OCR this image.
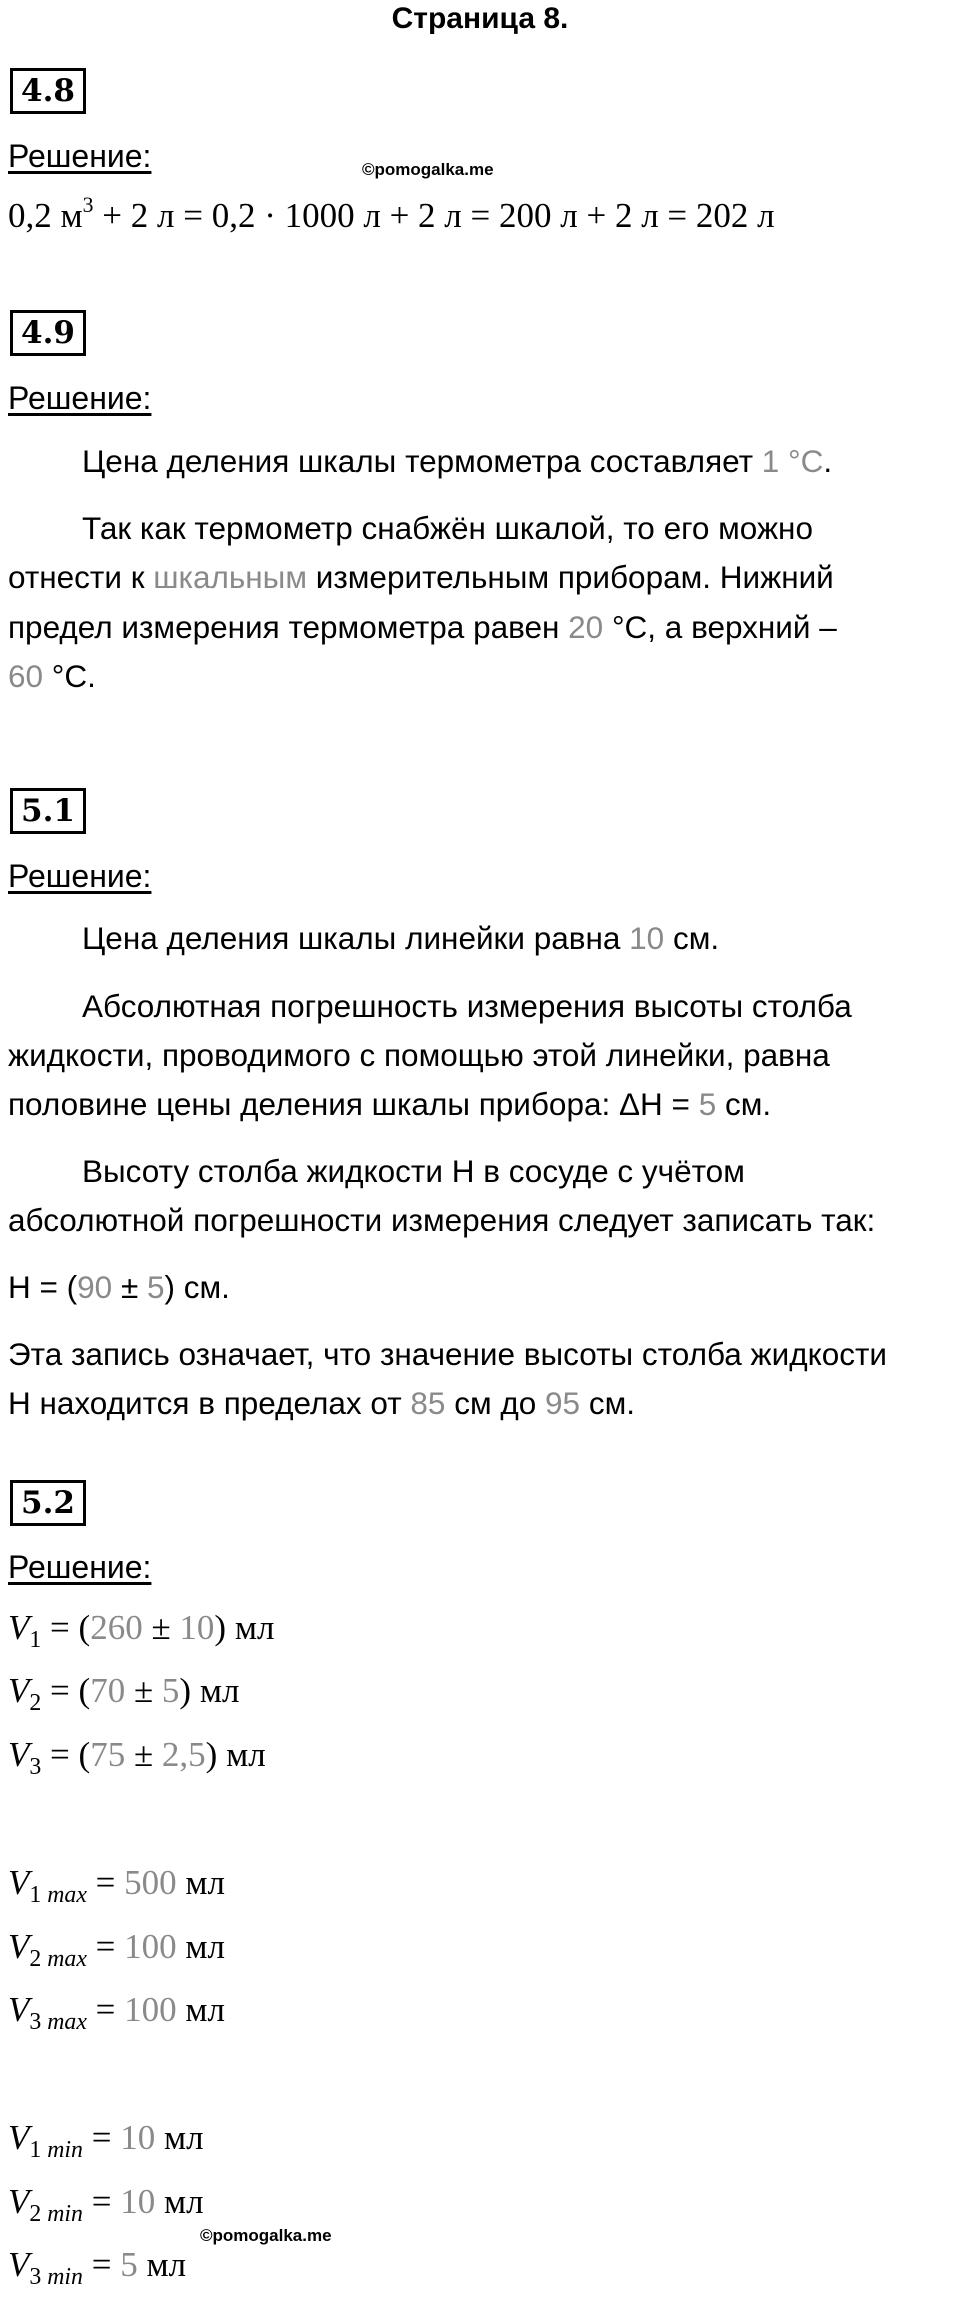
Страница 8.
4.8
Решение:	©pomogalka.me
0,2 $м^3 + 2$ л = 0,2 · 1000 л + 2 л = 200 л + 2 л = 202 л
4.9
Решение:
Цена деления шкалы термометра составляет 1 °C.
Так как термометр снабжён шкалой, то его можно
отнести к шкальным измерительным приборам. Нижний
предел измерения термометра равен 20 °C, а верхний –
60 °C.
5.1
Решение:
Цена деления шкалы линейки равна 10 см.
Абсолютная погрешность измерения высоты столба
жидкости, проводимого с помощью этой линейки, равна
половине цены деления шкалы прибора: ΔH = 5 см.
Высоту столба жидкости H в сосуде с учётом
абсолютной погрешности измерения следует записать так:
H = (90 ± 5) см.
Эта запись означает, что значение высоты столба жидкости
H находится в пределах от 85 см до 95 см.
5.2
Решение:
$V_1 = (260 \pm 10)$ мл
$V_2 = (70 \pm 5)$ мл
$V_3 = (75 \pm 2,5)$ мл
$V_1$ $_{max}$ = 500 мл
$V_2$ $_{max}$ = 100 мл
$V_3$ $_{max}$ = 100 мл
$V_1$ $_{min}$ = 10 мл
$V_2$ $_{min}$ = 10 мл
$V_3$ $_{min}$ = 5 мл
©pomogalka.me
